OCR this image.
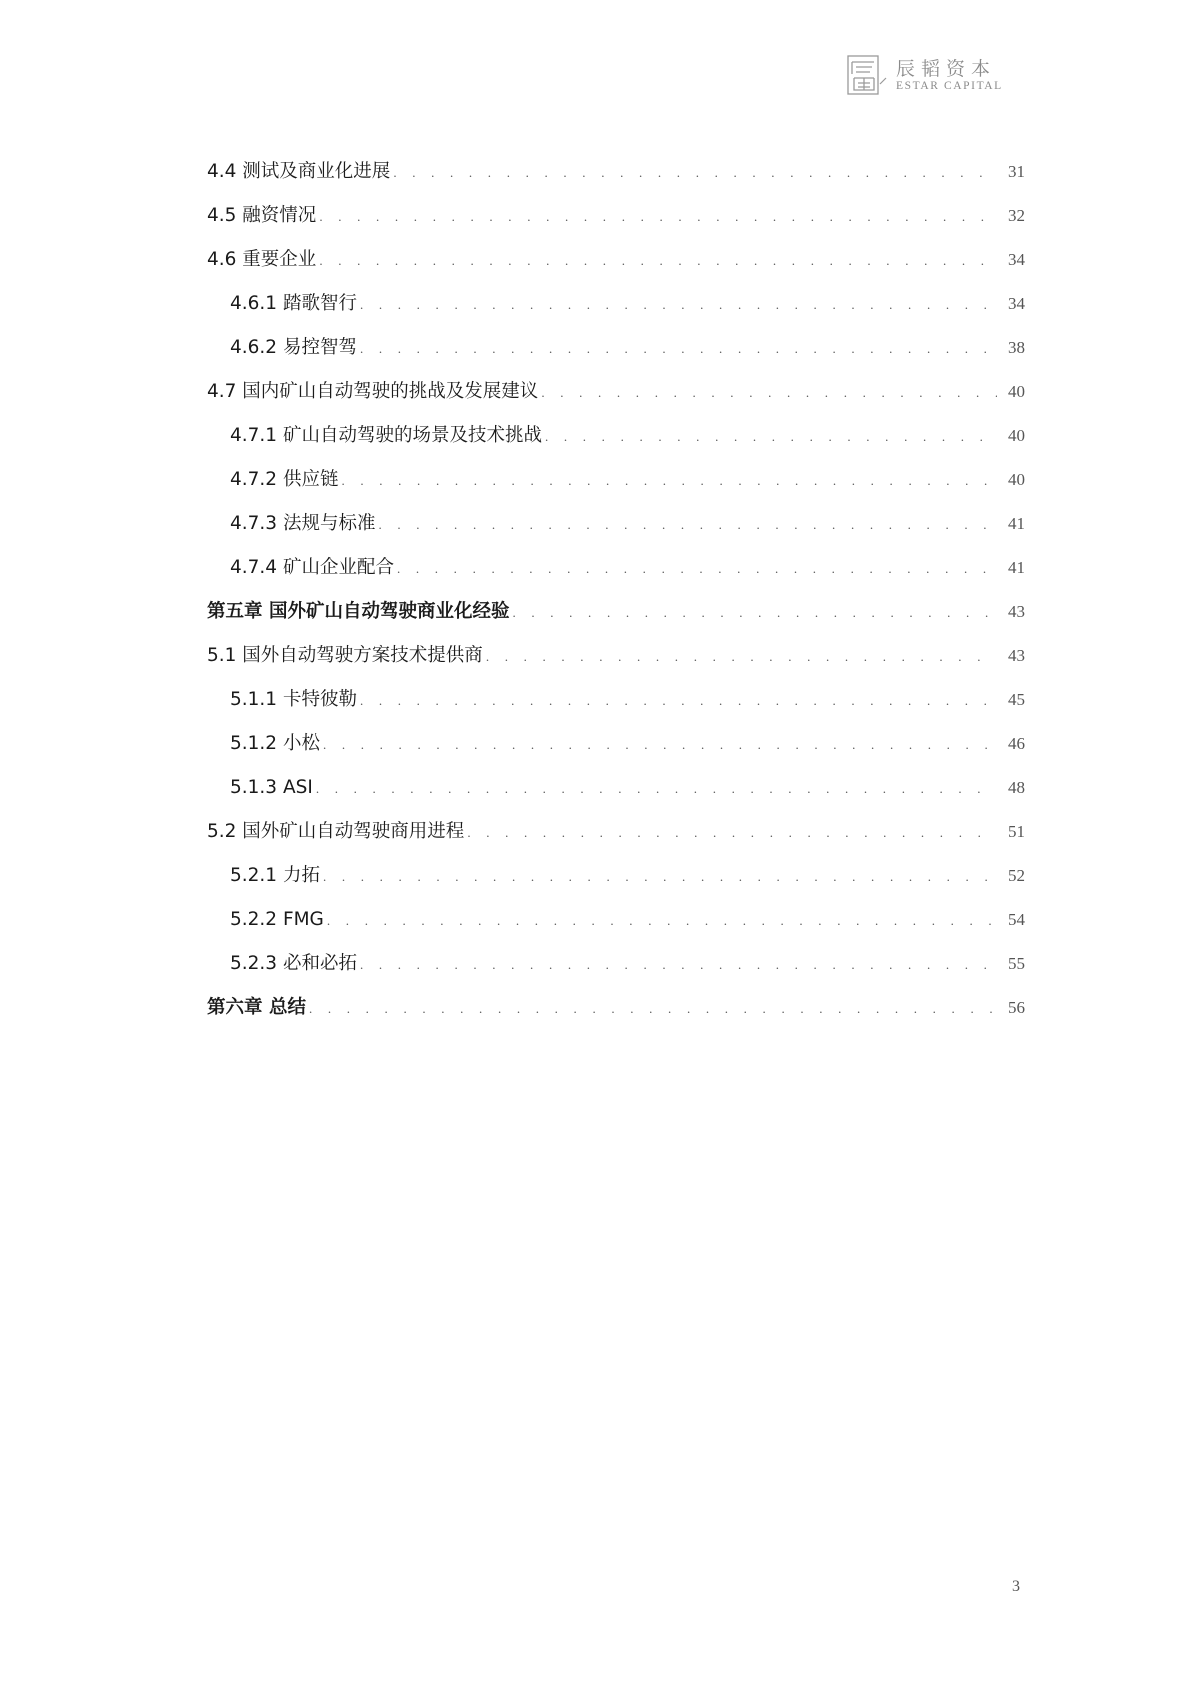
辰韬资本
ESTAR CAPITAL
4.4 测试及商业化进展 . . .	31
4.5 融资情况 . . .	32
4.6 重要企业 . . .	34
4.6.1 踏歌智行 . . .	34
4.6.2 易控智驾 . . .	38
4.7 国内矿山自动驾驶的挑战及发展建议 . . .	40
4.7.1 矿山自动驾驶的场景及技术挑战 . . .	40
4.7.2 供应链 . . .	40
4.7.3 法规与标准 . . .	41
4.7.4 矿山企业配合 . . .	41
第五章 国外矿山自动驾驶商业化经验 . . .	43
5.1 国外自动驾驶方案技术提供商 . . .	43
5.1.1 卡特彼勒 . . .	45
5.1.2 小松 . . .	46
5.1.3 ASI . . .	48
5.2 国外矿山自动驾驶商用进程 . . .	51
5.2.1 力拓 . . .	52
5.2.2 FMG . . .	54
5.2.3 必和必拓 . . .	55
第六章 总结 . . .	56
3
